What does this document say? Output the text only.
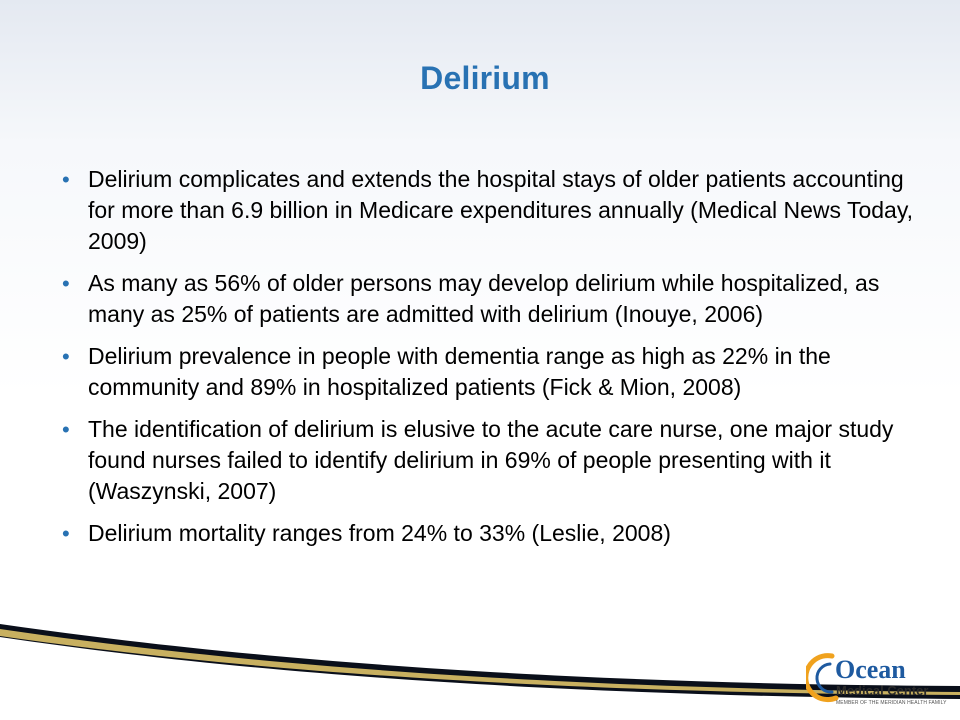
Delirium
• Delirium complicates and extends the hospital stays of older patients accounting for more than 6.9 billion in Medicare expenditures annually (Medical News Today, 2009)
• As many as 56% of older persons may develop delirium while hospitalized, as many as 25% of patients are admitted with delirium (Inouye, 2006)
• Delirium prevalence in people with dementia range as high as 22% in the community and 89% in hospitalized patients (Fick & Mion, 2008)
• The identification of delirium is elusive to the acute care nurse, one major study found nurses failed to identify delirium in 69% of people presenting with it (Waszynski, 2007)
• Delirium mortality ranges from 24% to 33% (Leslie, 2008)
Ocean
Medical Center
MEMBER OF THE MERIDIAN HEALTH FAMILY
